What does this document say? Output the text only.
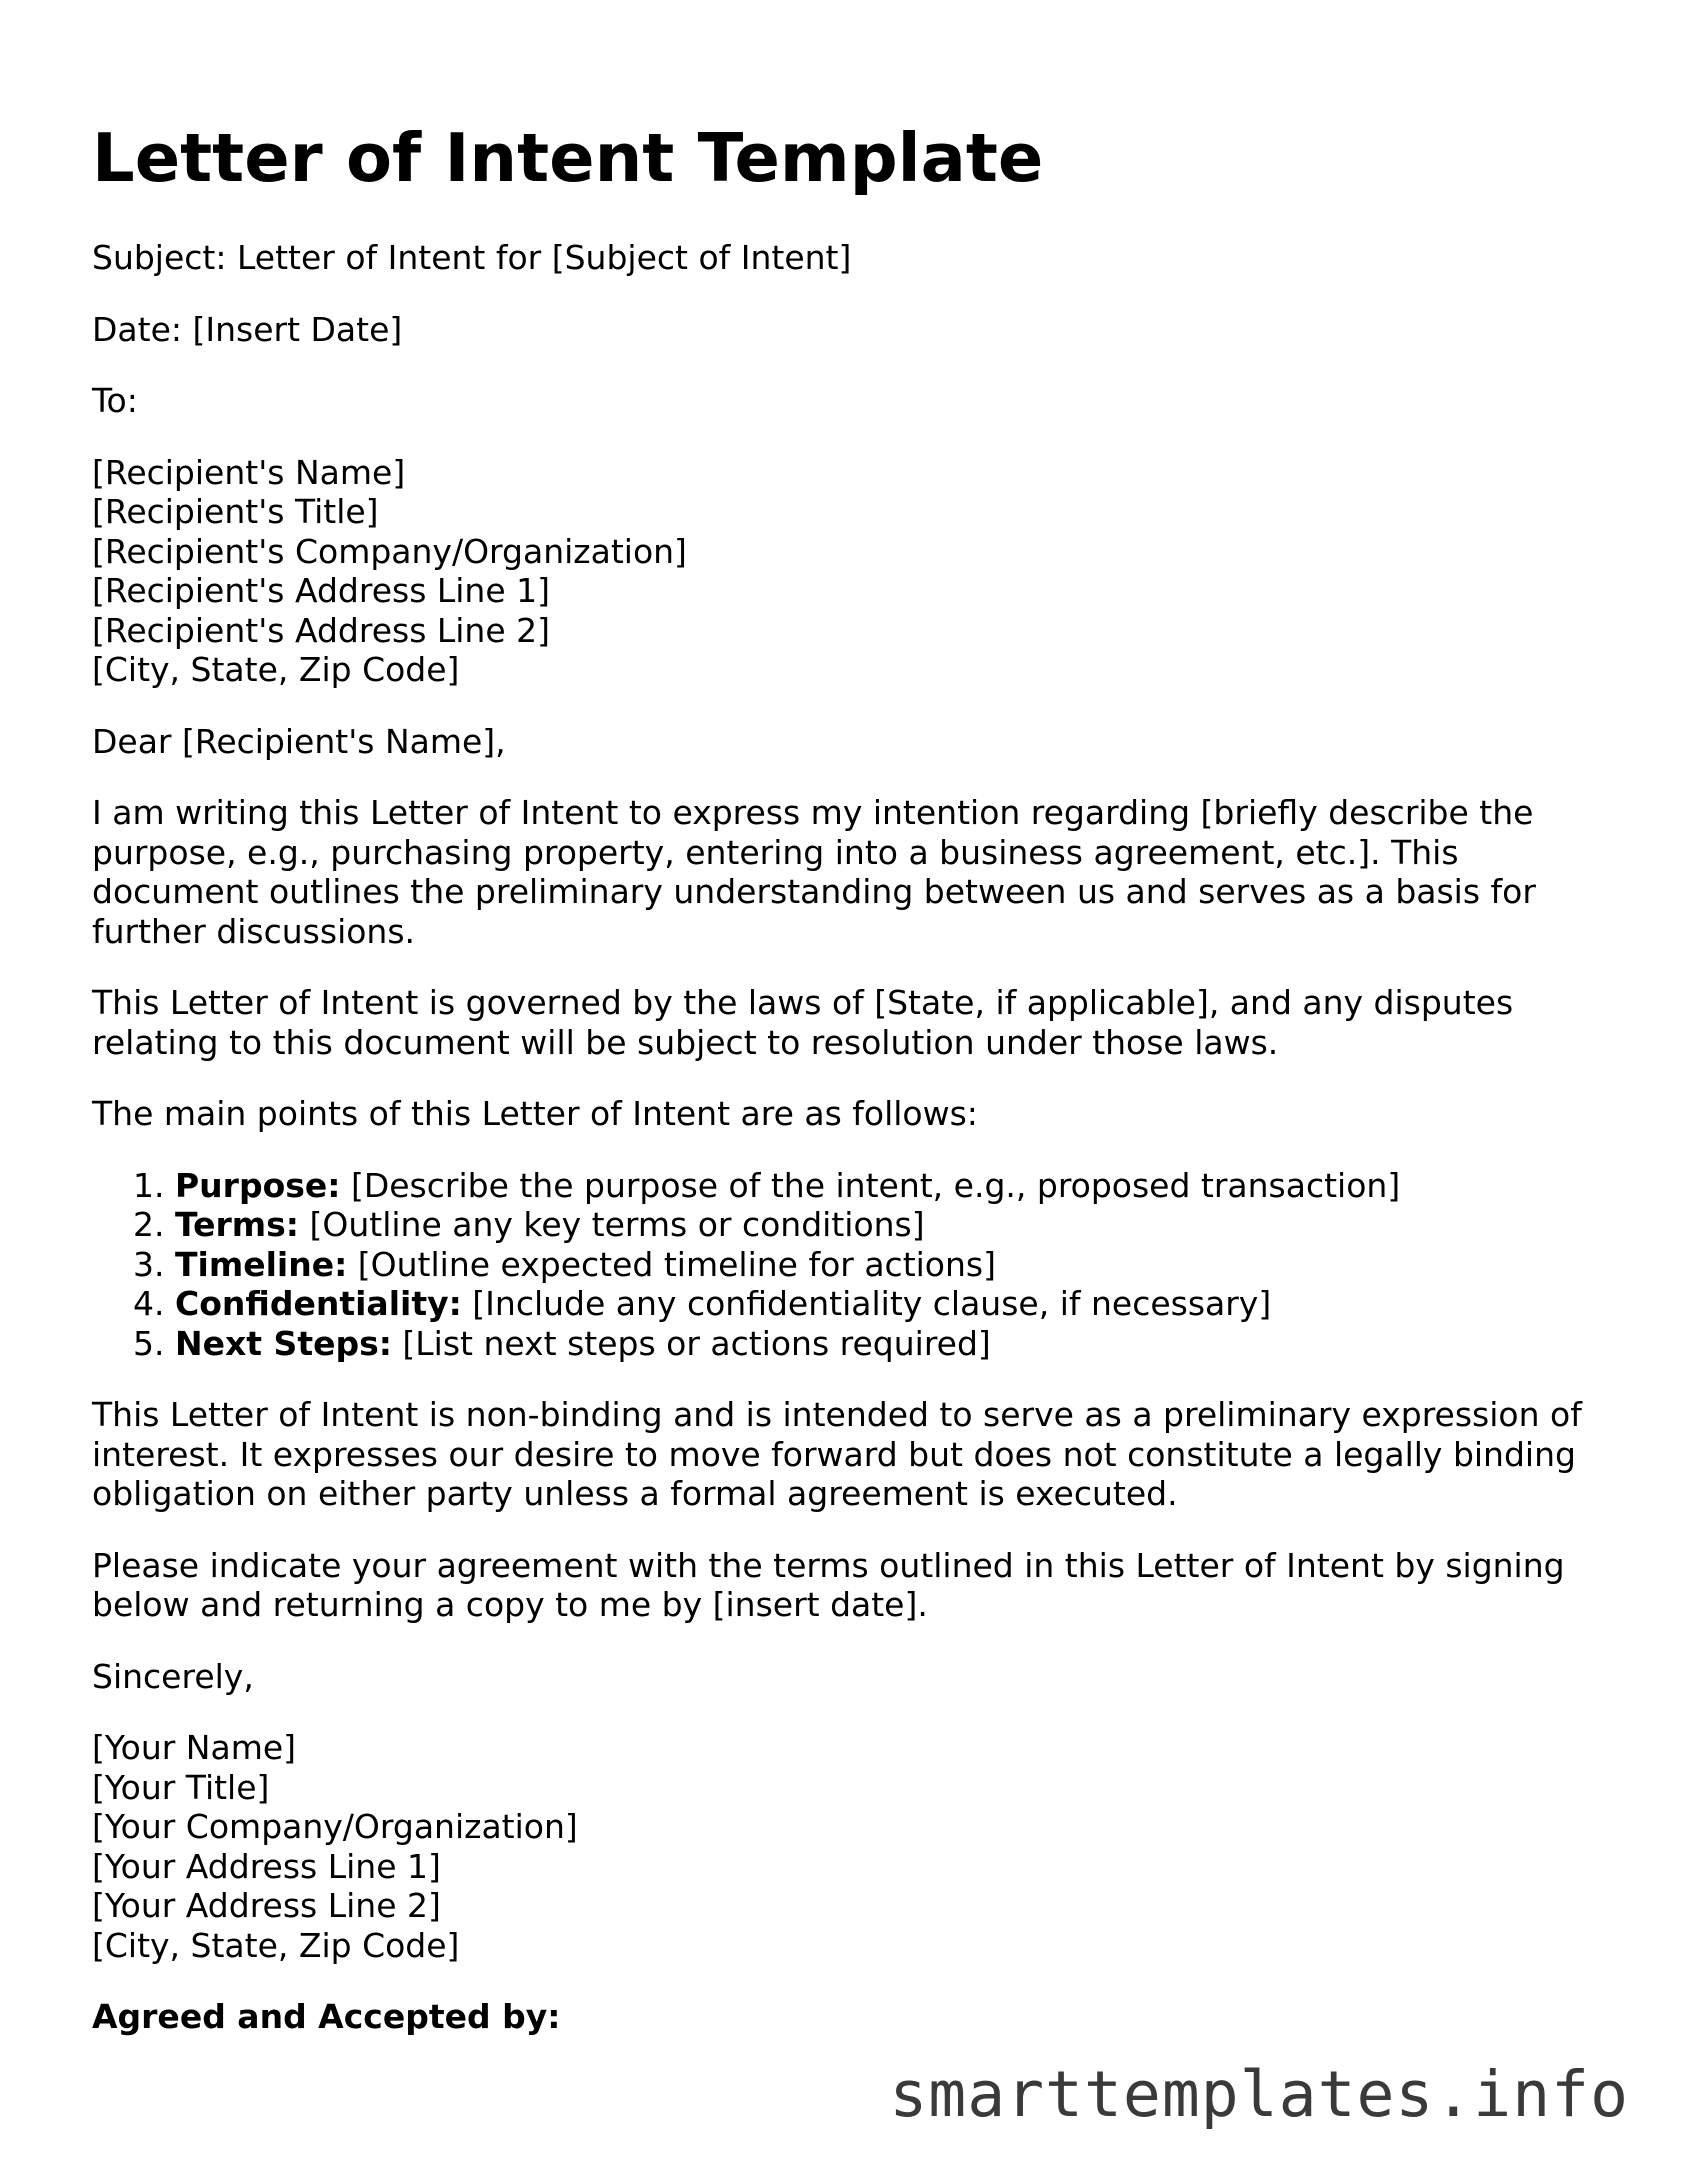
Letter of Intent Template

Subject: Letter of Intent for [Subject of Intent]

Date: [Insert Date]

To:

[Recipient's Name]
[Recipient's Title]
[Recipient's Company/Organization]
[Recipient's Address Line 1]
[Recipient's Address Line 2]
[City, State, Zip Code]

Dear [Recipient's Name],

I am writing this Letter of Intent to express my intention regarding [briefly describe the purpose, e.g., purchasing property, entering into a business agreement, etc.]. This document outlines the preliminary understanding between us and serves as a basis for further discussions.

This Letter of Intent is governed by the laws of [State, if applicable], and any disputes relating to this document will be subject to resolution under those laws.

The main points of this Letter of Intent are as follows:

1. Purpose: [Describe the purpose of the intent, e.g., proposed transaction]
2. Terms: [Outline any key terms or conditions]
3. Timeline: [Outline expected timeline for actions]
4. Confidentiality: [Include any confidentiality clause, if necessary]
5. Next Steps: [List next steps or actions required]

This Letter of Intent is non-binding and is intended to serve as a preliminary expression of interest. It expresses our desire to move forward but does not constitute a legally binding obligation on either party unless a formal agreement is executed.

Please indicate your agreement with the terms outlined in this Letter of Intent by signing below and returning a copy to me by [insert date].

Sincerely,

[Your Name]
[Your Title]
[Your Company/Organization]
[Your Address Line 1]
[Your Address Line 2]
[City, State, Zip Code]

Agreed and Accepted by:

smarttemplates.info
